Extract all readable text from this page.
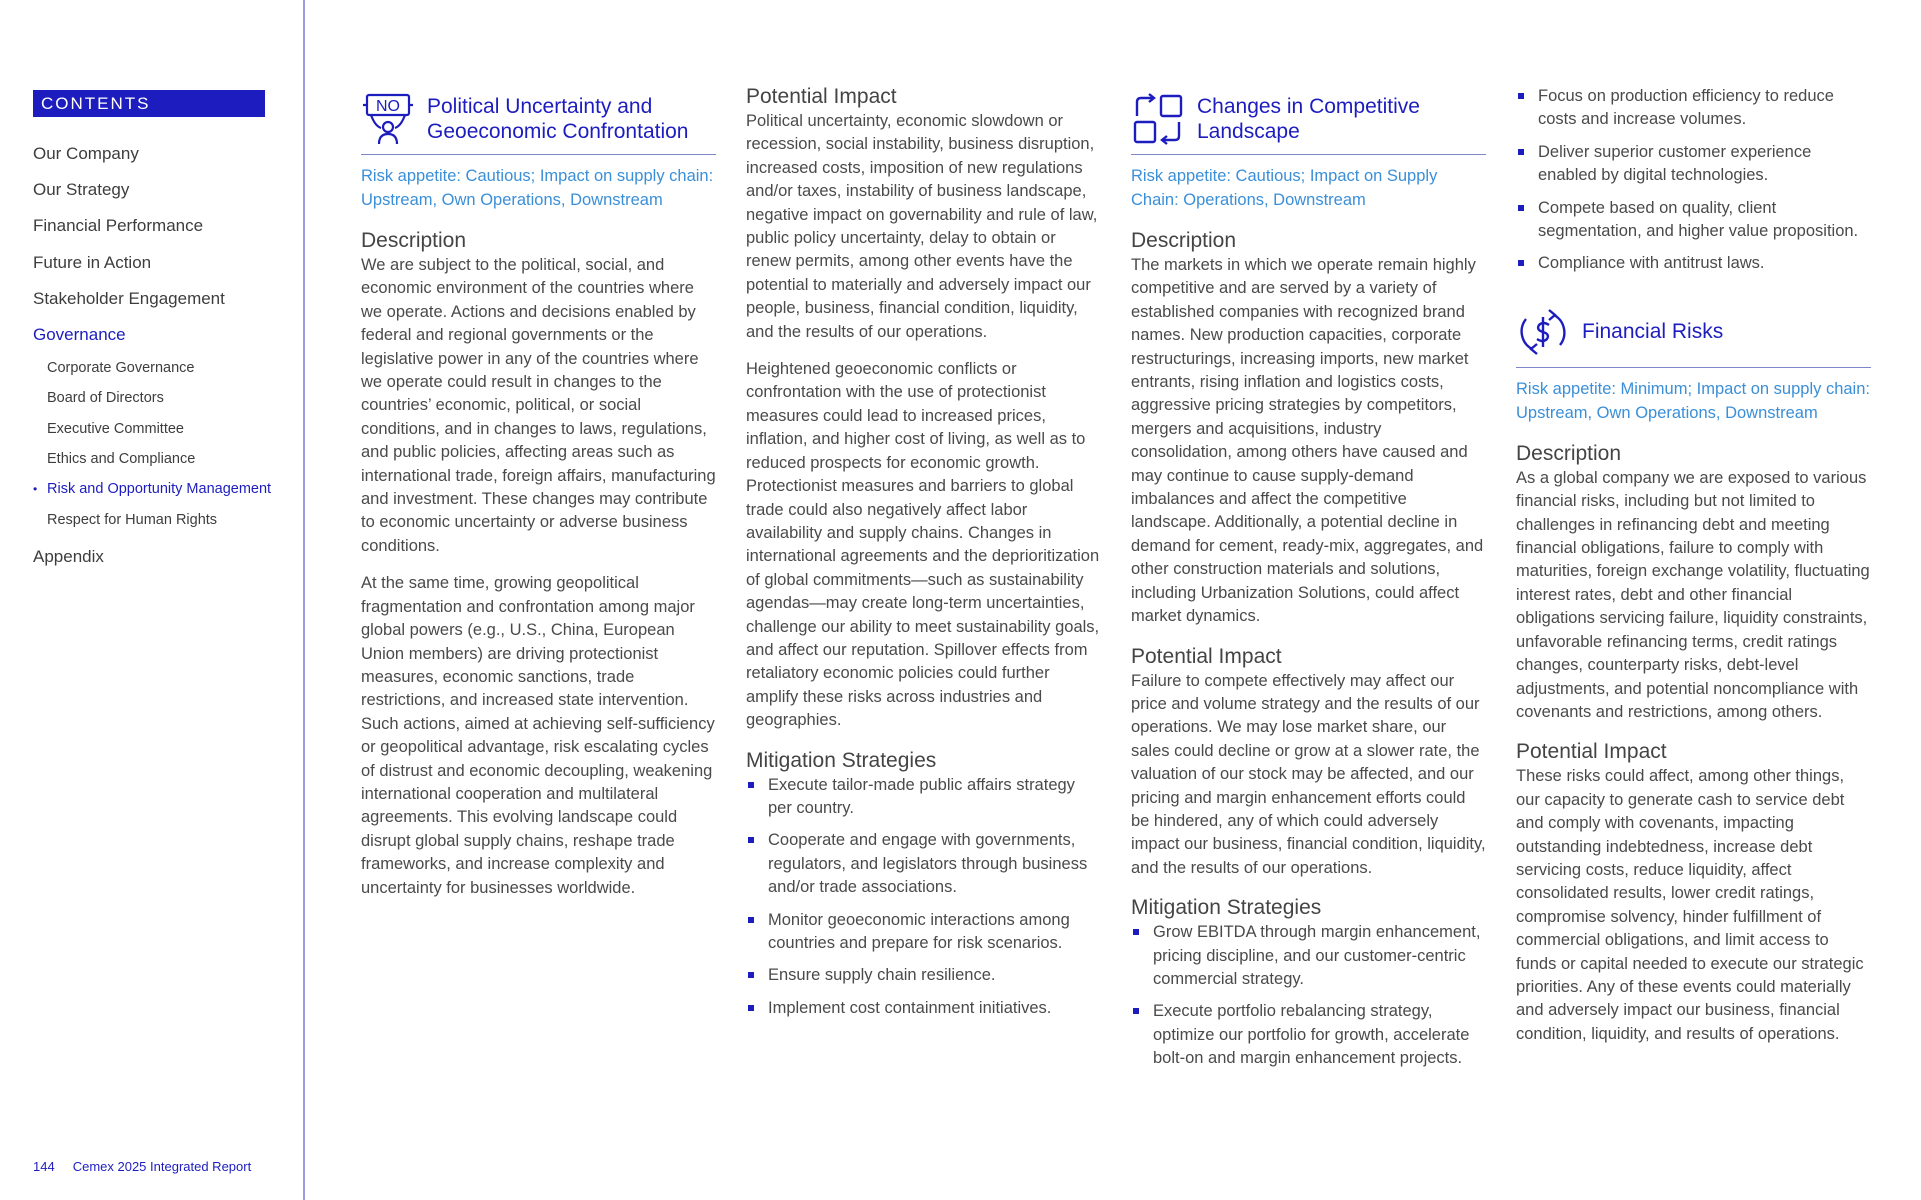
CONTENTS
Our Company
Our Strategy
Financial Performance
Future in Action
Stakeholder Engagement
Governance
Corporate Governance
Board of Directors
Executive Committee
Ethics and Compliance
• Risk and Opportunity Management
Respect for Human Rights
Appendix
144 Cemex 2025 Integrated Report
NO Political Uncertainty and
Geoeconomic Confrontation
Risk appetite: Cautious; Impact on supply chain: Upstream, Own Operations, Downstream
Description

We are subject to the political, social, and economic environment of the countries where we operate. Actions and decisions enabled by federal and regional governments or the legislative power in any of the countries where we operate could result in changes to the countries’ economic, political, or social conditions, and in changes to laws, regulations, and public policies, affecting areas such as international trade, foreign affairs, manufacturing and investment. These changes may contribute to economic uncertainty or adverse business conditions.

At the same time, growing geopolitical fragmentation and confrontation among major global powers (e.g., U.S., China, European Union members) are driving protectionist measures, economic sanctions, trade restrictions, and increased state intervention. Such actions, aimed at achieving self-sufficiency or geopolitical advantage, risk escalating cycles of distrust and economic decoupling, weakening international cooperation and multilateral agreements. This evolving landscape could disrupt global supply chains, reshape trade frameworks, and increase complexity and uncertainty for businesses worldwide.

Potential Impact

Political uncertainty, economic slowdown or recession, social instability, business disruption, increased costs, imposition of new regulations and/or taxes, instability of business landscape, negative impact on governability and rule of law, public policy uncertainty, delay to obtain or renew permits, among other events have the potential to materially and adversely impact our people, business, financial condition, liquidity, and the results of our operations.

Heightened geoeconomic conflicts or confrontation with the use of protectionist measures could lead to increased prices, inflation, and higher cost of living, as well as to reduced prospects for economic growth. Protectionist measures and barriers to global trade could also negatively affect labor availability and supply chains. Changes in international agreements and the deprioritization of global commitments—such as sustainability agendas—may create long-term uncertainties, challenge our ability to meet sustainability goals, and affect our reputation. Spillover effects from retaliatory economic policies could further amplify these risks across industries and geographies.

Mitigation Strategies
Execute tailor-made public affairs strategy per country.
Cooperate and engage with governments, regulators, and legislators through business and/or trade associations.
Monitor geoeconomic interactions among countries and prepare for risk scenarios.
Ensure supply chain resilience.
Implement cost containment initiatives.
Changes in Competitive
Landscape
Risk appetite: Cautious; Impact on Supply Chain: Operations, Downstream
Description

The markets in which we operate remain highly competitive and are served by a variety of established companies with recognized brand names. New production capacities, corporate restructurings, increasing imports, new market entrants, rising inflation and logistics costs, aggressive pricing strategies by competitors, mergers and acquisitions, industry consolidation, among others have caused and may continue to cause supply-demand imbalances and affect the competitive landscape. Additionally, a potential decline in demand for cement, ready-mix, aggregates, and other construction materials and solutions, including Urbanization Solutions, could affect market dynamics.

Potential Impact

Failure to compete effectively may affect our price and volume strategy and the results of our operations. We may lose market share, our sales could decline or grow at a slower rate, the valuation of our stock may be affected, and our pricing and margin enhancement efforts could be hindered, any of which could adversely impact our business, financial condition, liquidity, and the results of our operations.

Mitigation Strategies
Grow EBITDA through margin enhancement, pricing discipline, and our customer-centric commercial strategy.
Execute portfolio rebalancing strategy, optimize our portfolio for growth, accelerate bolt-on and margin enhancement projects.
Focus on production efficiency to reduce costs and increase volumes.
Deliver superior customer experience enabled by digital technologies.
Compete based on quality, client segmentation, and higher value proposition.
Compliance with antitrust laws.
Financial Risks
Risk appetite: Minimum; Impact on supply chain: Upstream, Own Operations, Downstream
Description

As a global company we are exposed to various financial risks, including but not limited to challenges in refinancing debt and meeting financial obligations, failure to comply with maturities, foreign exchange volatility, fluctuating interest rates, debt and other financial obligations servicing failure, liquidity constraints, unfavorable refinancing terms, credit ratings changes, counterparty risks, debt-level adjustments, and potential noncompliance with covenants and restrictions, among others.

Potential Impact

These risks could affect, among other things, our capacity to generate cash to service debt and comply with covenants, impacting outstanding indebtedness, increase debt servicing costs, reduce liquidity, affect consolidated results, lower credit ratings, compromise solvency, hinder fulfillment of commercial obligations, and limit access to funds or capital needed to execute our strategic priorities. Any of these events could materially and adversely impact our business, financial condition, liquidity, and results of operations.
